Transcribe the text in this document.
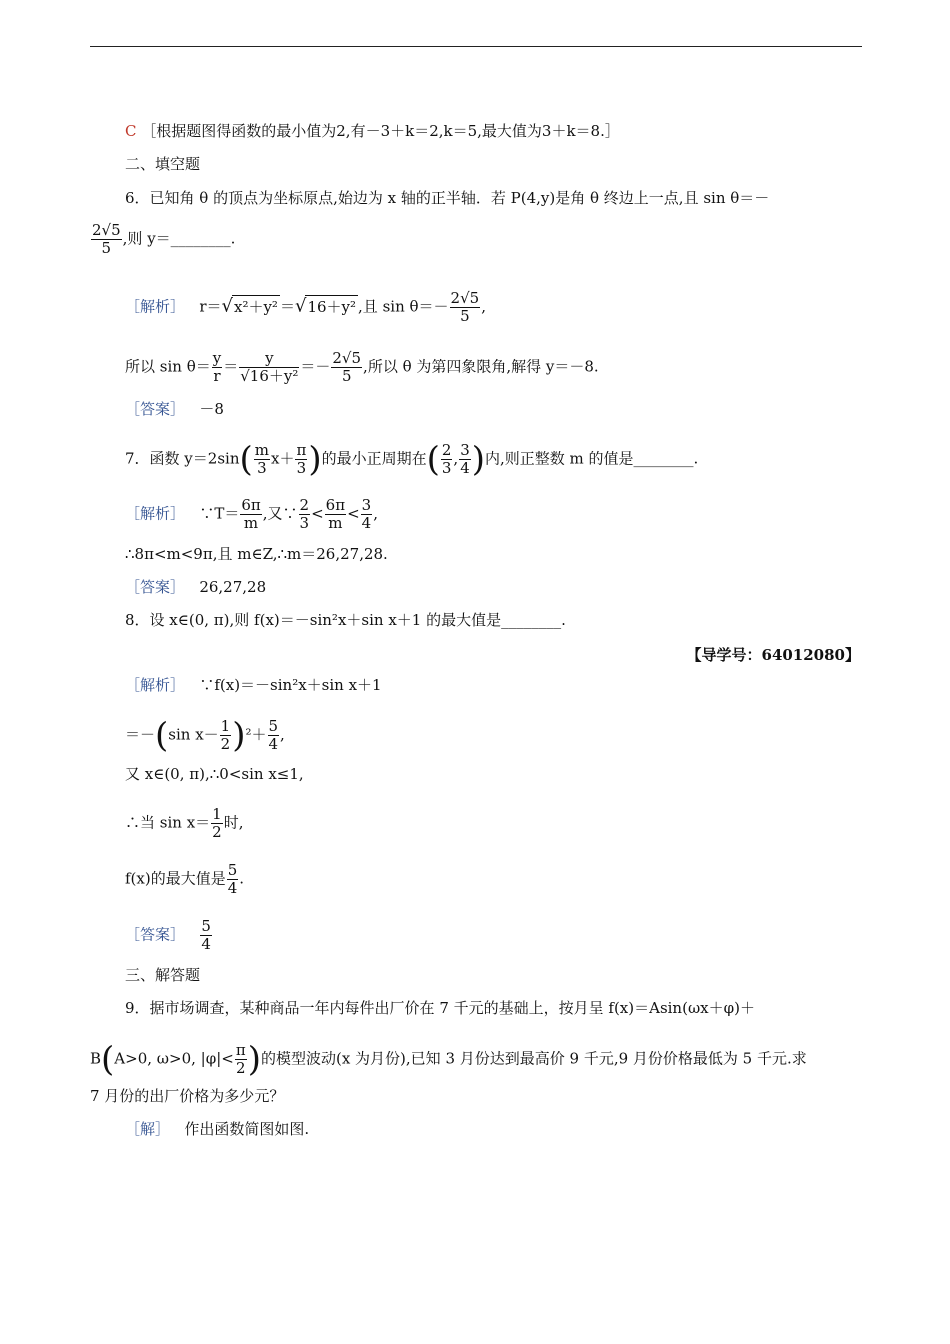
C ［根据题图得函数的最小值为2,有－3＋k＝2,k＝5,最大值为3＋k＝8.］
二、填空题
6．已知角 θ 的顶点为坐标原点,始边为 x 轴的正半轴．若 P(4,y)是角 θ 终边上一点,且 sin θ＝－
$\frac{2√5}{5}$ ,则 y＝________.
［解析］ r＝√x²＋y² ＝√16＋y² ,且 $\sin \theta=- \frac{2√5}{5}$ ,
所以 $\sin \theta= \frac{y}{r} = \frac{y}{\text{√16＋y²}} =- \frac{2√5}{5}$ ,所以 θ 为第四象限角,解得 y＝－8.
［答案］ －8
7．函数 $y=2\sin( \frac{m}{3} x+ \frac{\pi}{3}$ )的最小正周期在( $\frac{2}{3}$ , $\frac{3}{4}$ )内,则正整数 m 的值是________.
［解析］ ∵T＝ $\frac{6\pi}{m}$ ,又∵ $\frac{2}{3} < \frac{6\pi}{m} < \frac{3}{4}$ ,
∴8π<m<9π,且 m∈Z,∴m＝26,27,28.
［答案］ 26,27,28
8．设 x∈(0, π),则 f(x)＝－sin²x＋sin x＋1 的最大值是________.
【导学号：64012080】
［解析］ ∵f(x)＝－sin²x＋sin x＋1
＝－(sin $x- \frac{1}{2} )^2+ \frac{5}{4}$ ,
又 x∈(0, π),∴0<sin x≤1,
∴当 $\sin x= \frac{1}{2}$ 时,
f(x)的最大值是 $\frac{5}{4}$ .
［答案］ $\frac{5}{4}$
三、解答题
9．据市场调查，某种商品一年内每件出厂价在 7 千元的基础上，按月呈 f(x)＝Asin(ωx＋φ)＋
B(A>0, ω>0, $|\varphi|< \frac{\pi}{2}$ )的模型波动(x 为月份),已知 3 月份达到最高价 9 千元,9 月份价格最低为 5 千元.求
7 月份的出厂价格为多少元？
［解］ 作出函数简图如图.
